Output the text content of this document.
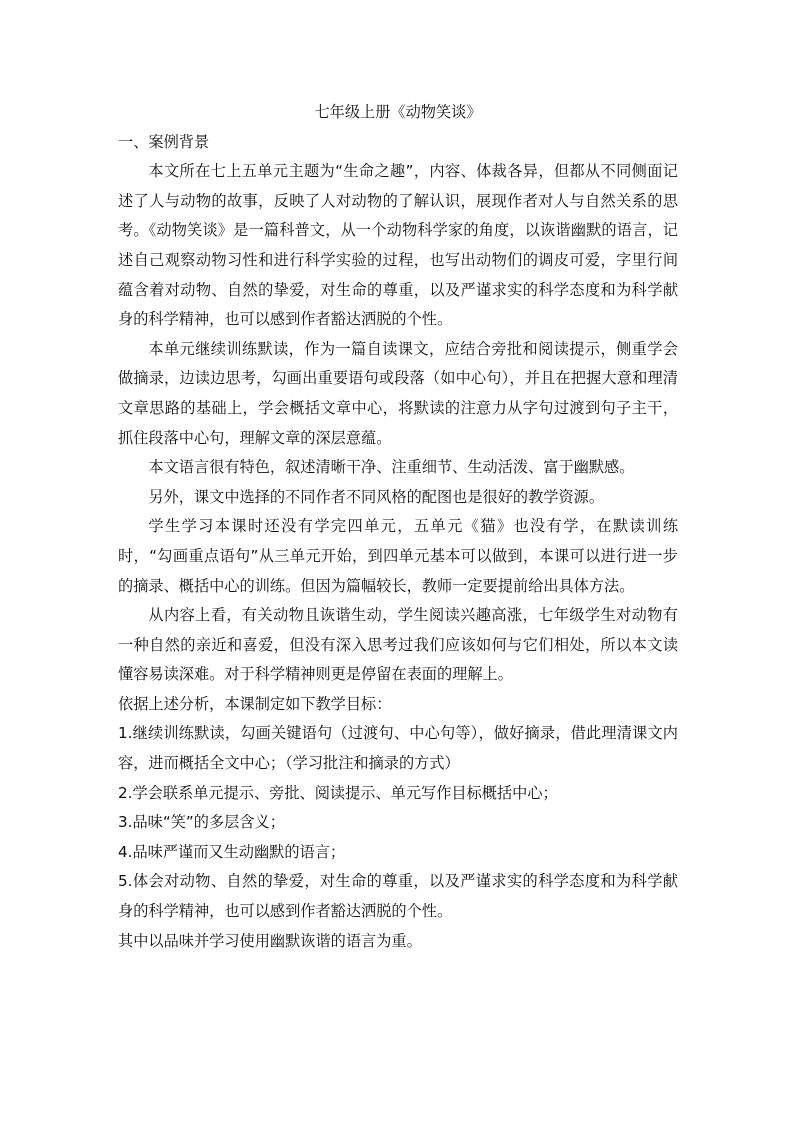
七年级上册《动物笑谈》

一、案例背景

本文所在七上五单元主题为“生命之趣”，内容、体裁各异，但都从不同侧面记述了人与动物的故事，反映了人对动物的了解认识，展现作者对人与自然关系的思考。《动物笑谈》是一篇科普文，从一个动物科学家的角度，以诙谐幽默的语言，记述自己观察动物习性和进行科学实验的过程，也写出动物们的调皮可爱，字里行间蕴含着对动物、自然的挚爱，对生命的尊重，以及严谨求实的科学态度和为科学献身的科学精神，也可以感到作者豁达洒脱的个性。

本单元继续训练默读，作为一篇自读课文，应结合旁批和阅读提示，侧重学会做摘录，边读边思考，勾画出重要语句或段落（如中心句），并且在把握大意和理清文章思路的基础上，学会概括文章中心，将默读的注意力从字句过渡到句子主干，抓住段落中心句，理解文章的深层意蕴。

本文语言很有特色，叙述清晰干净、注重细节、生动活泼、富于幽默感。

另外，课文中选择的不同作者不同风格的配图也是很好的教学资源。

学生学习本课时还没有学完四单元，五单元《猫》也没有学，在默读训练时，“勾画重点语句”从三单元开始，到四单元基本可以做到，本课可以进行进一步的摘录、概括中心的训练。但因为篇幅较长，教师一定要提前给出具体方法。

从内容上看，有关动物且诙谐生动，学生阅读兴趣高涨，七年级学生对动物有一种自然的亲近和喜爱，但没有深入思考过我们应该如何与它们相处，所以本文读懂容易读深难。对于科学精神则更是停留在表面的理解上。

依据上述分析，本课制定如下教学目标：

1.继续训练默读，勾画关键语句（过渡句、中心句等），做好摘录，借此理清课文内容，进而概括全文中心；（学习批注和摘录的方式）
2.学会联系单元提示、旁批、阅读提示、单元写作目标概括中心；
3.品味“笑”的多层含义；
4.品味严谨而又生动幽默的语言；
5.体会对动物、自然的挚爱，对生命的尊重，以及严谨求实的科学态度和为科学献身的科学精神，也可以感到作者豁达洒脱的个性。

其中以品味并学习使用幽默诙谐的语言为重。
